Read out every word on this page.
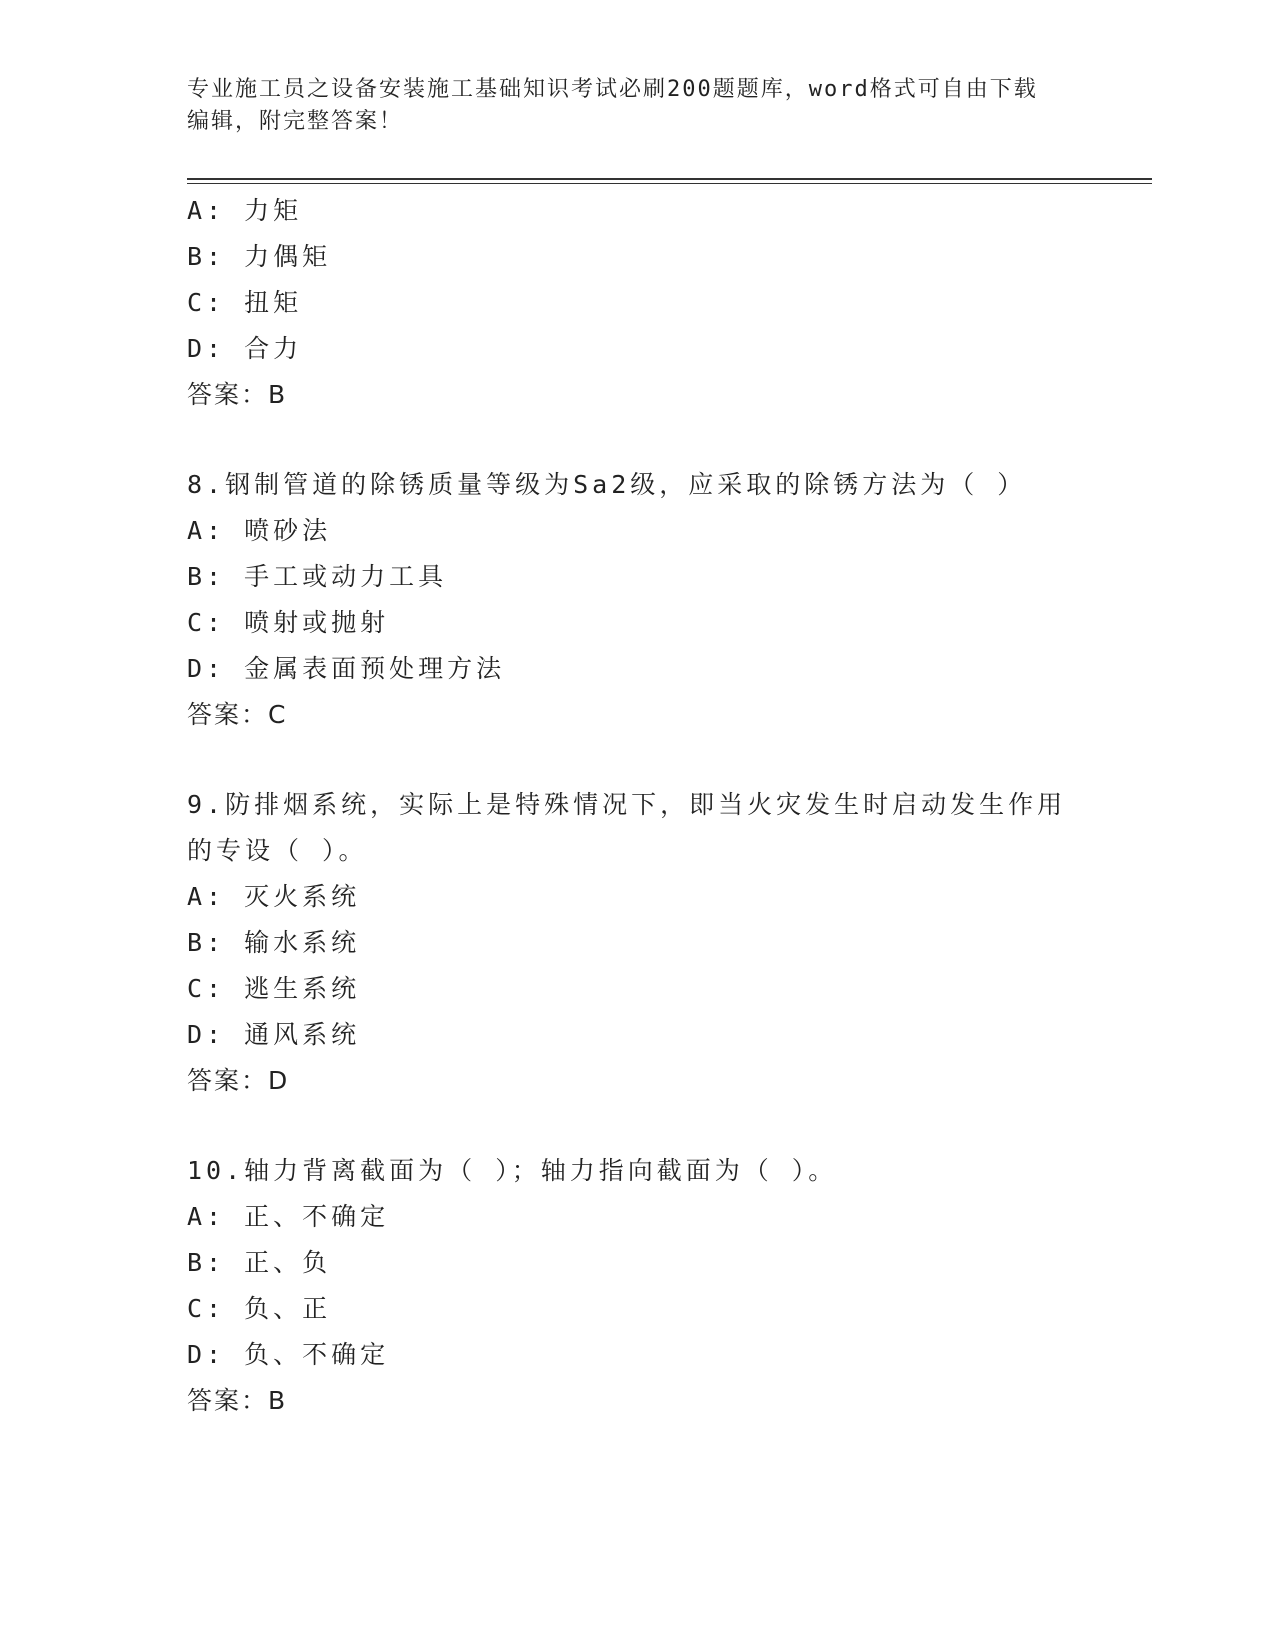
专业施工员之设备安装施工基础知识考试必刷200题题库，word格式可自由下载
编辑，附完整答案！
A: 力矩
B: 力偶矩
C: 扭矩
D: 合力
答案：B
8.钢制管道的除锈质量等级为Sa2级，应采取的除锈方法为（ ）
A: 喷砂法
B: 手工或动力工具
C: 喷射或抛射
D: 金属表面预处理方法
答案：C
9.防排烟系统，实际上是特殊情况下，即当火灾发生时启动发生作用
的专设（ ）。
A: 灭火系统
B: 输水系统
C: 逃生系统
D: 通风系统
答案：D
10.轴力背离截面为（ ）；轴力指向截面为（ ）。
A: 正、不确定
B: 正、负
C: 负、正
D: 负、不确定
答案：B
